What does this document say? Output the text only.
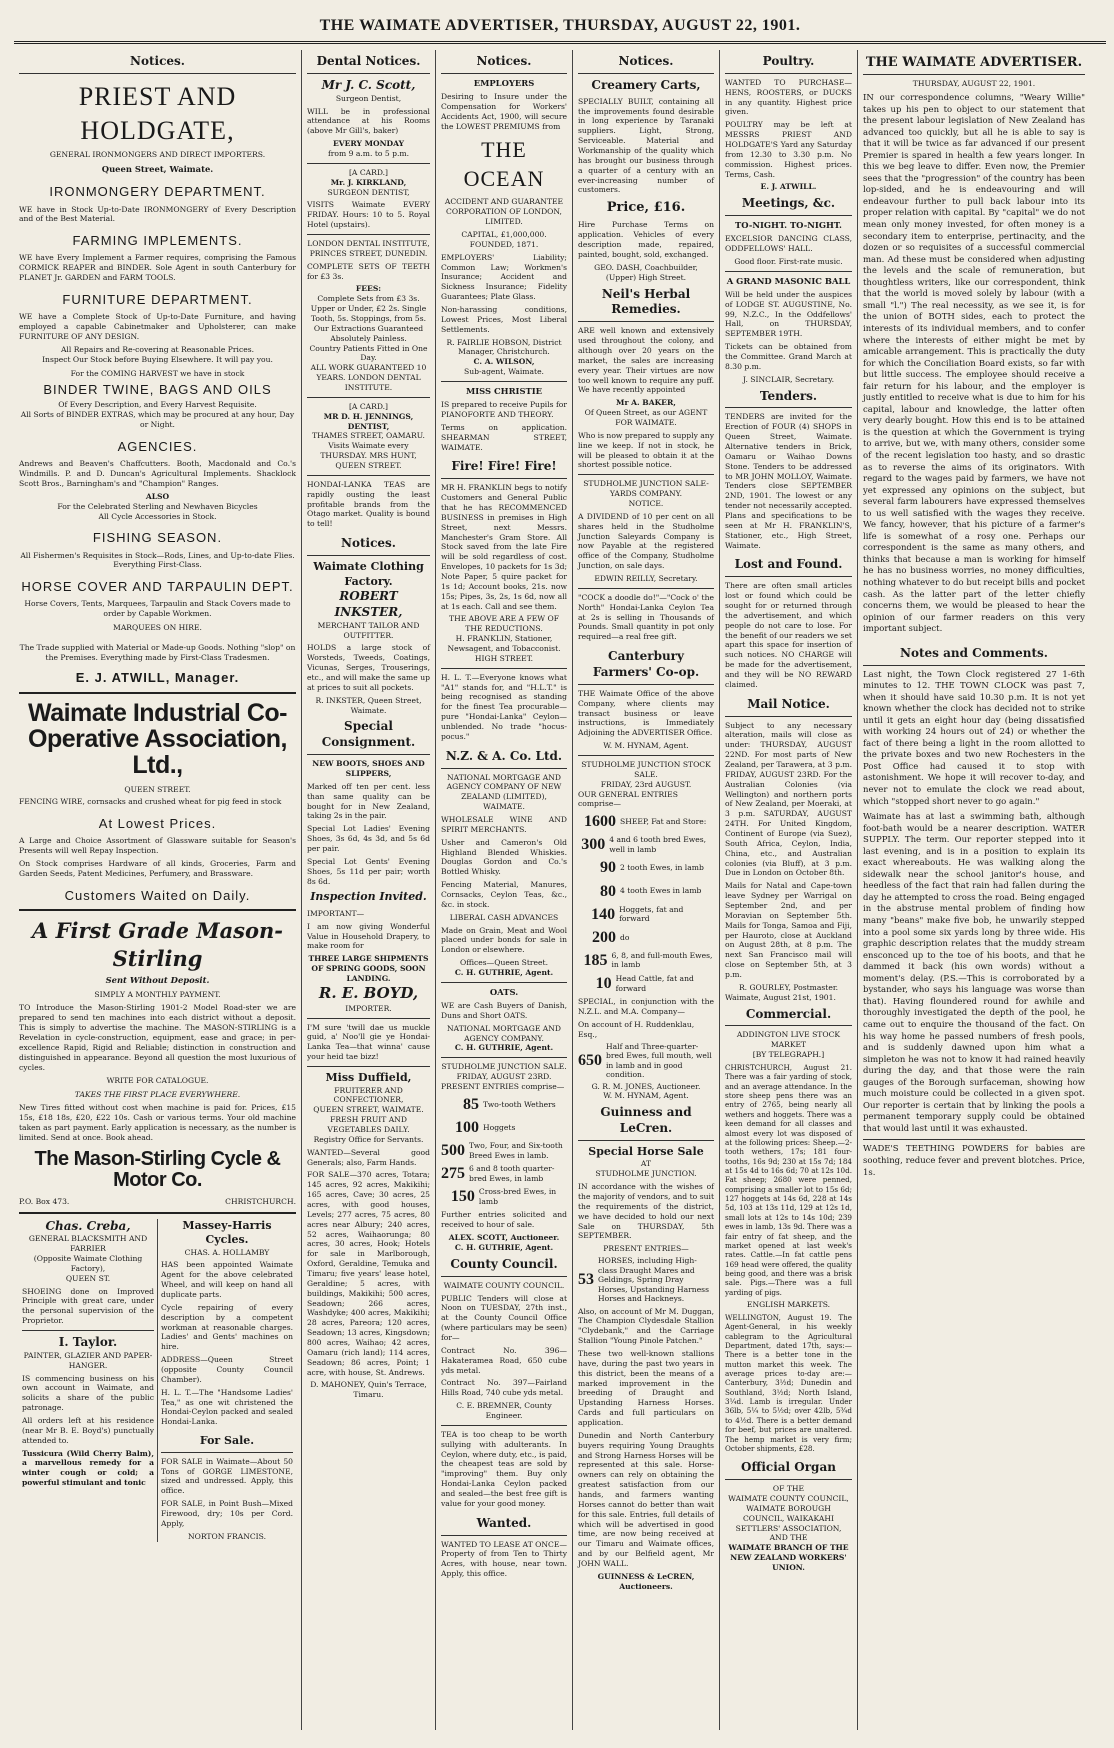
THE WAIMATE ADVERTISER, THURSDAY, AUGUST 22, 1901.
Notices.
PRIEST AND HOLDGATE,
GENERAL IRONMONGERS AND DIRECT IMPORTERS.
Queen Street, Waimate.
IRONMONGERY DEPARTMENT.
WE have in Stock Up-to-Date IRONMONGERY of Every Description and of the Best Material.
FARMING IMPLEMENTS.
WE have Every Implement a Farmer requires, comprising the Famous CORMICK REAPER and BINDER. Sole Agent in south Canterbury for PLANET Jr. GARDEN and FARM TOOLS.
FURNITURE DEPARTMENT.
WE have a Complete Stock of Up-to-Date Furniture, and having employed a capable Cabinetmaker and Upholsterer, can make FURNITURE OF ANY DESIGN.
All Repairs and Re-covering at Reasonable Prices.
Inspect Our Stock before Buying Elsewhere. It will pay you.
For the COMING HARVEST we have in stock
BINDER TWINE, BAGS AND OILS
Of Every Description, and Every Harvest Requisite.
All Sorts of BINDER EXTRAS, which may be procured at any hour, Day or Night.
AGENCIES.
Andrews and Beaven's Chaffcutters. Booth, Macdonald and Co.'s Windmills. P. and D. Duncan's Agricultural Implements. Shacklock Scott Bros., Barningham's and "Champion" Ranges.
ALSO
For the Celebrated Sterling and Newhaven Bicycles
All Cycle Accessories in Stock.
FISHING SEASON.
All Fishermen's Requisites in Stock—Rods, Lines, and Up-to-date Flies. Everything First-Class.
HORSE COVER AND TARPAULIN DEPT.
Horse Covers, Tents, Marquees, Tarpaulin and Stack Covers made to order by Capable Workmen.
MARQUEES ON HIRE.
The Trade supplied with Material or Made-up Goods. Nothing "slop" on the Premises. Everything made by First-Class Tradesmen.
E. J. ATWILL, Manager.
Waimate Industrial Co-Operative Association, Ltd.,
QUEEN STREET.
FENCING WIRE, cornsacks and crushed wheat for pig feed in stock
At Lowest Prices.
A Large and Choice Assortment of Glassware suitable for Season's Presents will well Repay Inspection.
On Stock comprises Hardware of all kinds, Groceries, Farm and Garden Seeds, Patent Medicines, Perfumery, and Brassware.
Customers Waited on Daily.
A First Grade Mason-Stirling
Sent Without Deposit.
SIMPLY A MONTHLY PAYMENT.
TO Introduce the Mason-Stirling 1901-2 Model Road-ster we are prepared to send ten machines into each district without a deposit. This is simply to advertise the machine. The MASON-STIRLING is a Revelation in cycle-construction, equipment, ease and grace; in per-excellence Rapid, Rigid and Reliable; distinction in construction and distinguished in appearance. Beyond all question the most luxurious of cycles.
WRITE FOR CATALOGUE.
TAKES THE FIRST PLACE EVERYWHERE.
New Tires fitted without cost when machine is paid for. Prices, £15 15s, £18 18s, £20, £22 10s. Cash or various terms. Your old machine taken as part payment. Early application is necessary, as the number is limited. Send at once. Book ahead.
The Mason-Stirling Cycle & Motor Co.
P.O. Box 473.	CHRISTCHURCH.
Chas. Creba,
GENERAL BLACKSMITH AND FARRIER
(Opposite Waimate Clothing Factory),
QUEEN ST.
SHOEING done on Improved Principle with great care, under the personal supervision of the Proprietor.
I. Taylor.
PAINTER, GLAZIER AND PAPER-HANGER.
IS commencing business on his own account in Waimate, and solicits a share of the public patronage.
All orders left at his residence (near Mr B. E. Boyd's) punctually attended to.
Tussicura (Wild Cherry Balm), a marvellous remedy for a winter cough or cold; a powerful stimulant and tonic
Massey-Harris Cycles.
CHAS. A. HOLLAMBY
HAS been appointed Waimate Agent for the above celebrated Wheel, and will keep on hand all duplicate parts.
Cycle repairing of every description by a competent workman at reasonable charges. Ladies' and Gents' machines on hire.
ADDRESS—Queen Street (opposite County Council Chamber).
H. L. T.—The "Handsome Ladies' Tea," as one wit christened the Hondai-Ceylon packed and sealed Hondai-Lanka.
For Sale.
FOR SALE in Waimate—About 50 Tons of GORGE LIMESTONE, sized and undressed. Apply, this office.
FOR SALE, in Point Bush—Mixed Firewood, dry; 10s per Cord. Apply,
NORTON FRANCIS.
Dental Notices.
Mr J. C. Scott,
Surgeon Dentist,
WILL be in professional attendance at his Rooms (above Mr Gill's, baker)
EVERY MONDAY
from 9 a.m. to 5 p.m.
[A CARD.]
Mr. J. KIRKLAND,
SURGEON DENTIST,
VISITS Waimate EVERY FRIDAY. Hours: 10 to 5. Royal Hotel (upstairs).
LONDON DENTAL INSTITUTE,
PRINCES STREET, DUNEDIN.
COMPLETE SETS OF TEETH for £3 3s.
FEES:
Complete Sets from £3 3s. Upper or Under, £2 2s. Single Tooth, 5s. Stoppings, from 5s.
Our Extractions Guaranteed Absolutely Painless.
Country Patients Fitted in One Day.
ALL WORK GUARANTEED 10 YEARS. LONDON DENTAL INSTITUTE.
[A CARD.]
MR D. H. JENNINGS, DENTIST,
THAMES STREET, OAMARU. Visits Waimate every THURSDAY. MRS HUNT, QUEEN STREET.
HONDAI-LANKA TEAS are rapidly ousting the least profitable brands from the Otago market. Quality is bound to tell!
Notices.
Waimate Clothing Factory.
ROBERT INKSTER,
MERCHANT TAILOR AND OUTFITTER.
HOLDS a large stock of Worsteds, Tweeds, Coatings, Vicunas, Serges, Trouserings, etc., and will make the same up at prices to suit all pockets.
R. INKSTER, Queen Street, Waimate.
Special Consignment.
NEW BOOTS, SHOES AND SLIPPERS,
Marked off ten per cent. less than same quality can be bought for in New Zealand, taking 2s in the pair.
Special Lot Ladies' Evening Shoes, 3s 6d, 4s 3d, and 5s 6d per pair.
Special Lot Gents' Evening Shoes, 5s 11d per pair; worth 8s 6d.
Inspection Invited.
IMPORTANT—
I am now giving Wonderful Value in Household Drapery, to make room for
THREE LARGE SHIPMENTS OF SPRING GOODS, SOON LANDING.
R. E. BOYD,
IMPORTER.
I'M sure 'twill dae us muckle guid, a' Noo'll gie ye Hondai-Lanka Tea—that winna' cause your heid tae bizz!
Miss Duffield,
FRUITERER AND CONFECTIONER,
QUEEN STREET, WAIMATE.
FRESH FRUIT AND VEGETABLES DAILY.
Registry Office for Servants.
WANTED—Several good Generals; also, Farm Hands.
FOR SALE—370 acres, Totara; 145 acres, 92 acres, Makikihi; 165 acres, Cave; 30 acres, 25 acres, with good houses, Levels; 277 acres, 75 acres, 80 acres near Albury; 240 acres, 52 acres, Waihaorunga; 80 acres, 30 acres, Hook; Hotels for sale in Marlborough, Oxford, Geraldine, Temuka and Timaru; five years' lease hotel, Geraldine; 5 acres, with buildings, Makikihi; 500 acres, Seadown; 266 acres, Washdyke; 400 acres, Makikihi; 28 acres, Pareora; 120 acres, Seadown; 13 acres, Kingsdown; 800 acres, Waihao; 42 acres, Oamaru (rich land); 114 acres, Seadown; 86 acres, Point; 1 acre, with house, St. Andrews.
D. MAHONEY, Quin's Terrace, Timaru.
Notices.
EMPLOYERS
Desiring to Insure under the Compensation for Workers' Accidents Act, 1900, will secure the LOWEST PREMIUMS from
THE OCEAN
ACCIDENT AND GUARANTEE CORPORATION OF LONDON, LIMITED.
CAPITAL, £1,000,000. FOUNDED, 1871.
EMPLOYERS' Liability; Common Law; Workmen's Insurance; Accident and Sickness Insurance; Fidelity Guarantees; Plate Glass.
Non-harassing conditions, Lowest Prices, Most Liberal Settlements.
R. FAIRLIE HOBSON, District Manager, Christchurch.
C. A. WILSON,
Sub-agent, Waimate.
MISS CHRISTIE
IS prepared to receive Pupils for PIANOFORTE AND THEORY.
Terms on application. SHEARMAN STREET, WAIMATE.
Fire! Fire! Fire!
MR H. FRANKLIN begs to notify Customers and General Public that he has RECOMMENCED BUSINESS in premises in High Street, next Messrs. Manchester's Gram Store. All Stock saved from the late Fire will be sold regardless of cost. Envelopes, 10 packets for 1s 3d; Note Paper, 5 quire packet for 1s 1d; Account books, 21s. now 15s; Pipes, 3s, 2s, 1s 6d, now all at 1s each. Call and see them.
THE ABOVE ARE A FEW OF THE REDUCTIONS.
H. FRANKLIN, Stationer, Newsagent, and Tobacconist. HIGH STREET.
H. L. T.—Everyone knows what "A1" stands for, and "H.L.T." is being recognised as standing for the finest Tea procurable—pure "Hondai-Lanka" Ceylon—unblended. No trade "hocus-pocus."
N.Z. & A. Co. Ltd.
NATIONAL MORTGAGE AND AGENCY COMPANY OF NEW ZEALAND (LIMITED), WAIMATE.
WHOLESALE WINE AND SPIRIT MERCHANTS.
Usher and Cameron's Old Highland Blended Whiskies. Douglas Gordon and Co.'s Bottled Whisky.
Fencing Material, Manures, Cornsacks, Ceylon Teas, &c., &c. in stock.
LIBERAL CASH ADVANCES
Made on Grain, Meat and Wool placed under bonds for sale in London or elsewhere.
Offices—Queen Street.
C. H. GUTHRIE, Agent.
OATS.
WE are Cash Buyers of Danish, Duns and Short OATS.
NATIONAL MORTGAGE AND AGENCY COMPANY.
C. H. GUTHRIE, Agent.
STUDHOLME JUNCTION SALE.
FRIDAY, AUGUST 23RD.
PRESENT ENTRIES comprise—
85 Two-tooth Wethers
100 Hoggets
500 Two, Four, and Six-tooth Breed Ewes in lamb.
275 6 and 8 tooth quarter-bred Ewes, in lamb
150 Cross-bred Ewes, in lamb
Further entries solicited and received to hour of sale.
ALEX. SCOTT, Auctioneer.
C. H. GUTHRIE, Agent.
County Council.
WAIMATE COUNTY COUNCIL.
PUBLIC Tenders will close at Noon on TUESDAY, 27th inst., at the County Council Office (where particulars may be seen) for—
Contract No. 396—Hakateramea Road, 650 cube yds metal.
Contract No. 397—Fairland Hills Road, 740 cube yds metal.
C. E. BREMNER, County Engineer.
TEA is too cheap to be worth sullying with adulterants. In Ceylon, where duty, etc., is paid, the cheapest teas are sold by "improving" them. Buy only Hondai-Lanka Ceylon packed and sealed—the best free gift is value for your good money.
Wanted.
WANTED TO LEASE AT ONCE—Property of from Ten to Thirty Acres, with house, near town. Apply, this office.
Notices.
Creamery Carts,
SPECIALLY BUILT, containing all the improvements found desirable in long experience by Taranaki suppliers. Light, Strong, Serviceable. Material and Workmanship of the quality which has brought our business through a quarter of a century with an ever-increasing number of customers.
Price, £16.
Hire Purchase Terms on application. Vehicles of every description made, repaired, painted, bought, sold, exchanged.
GEO. DASH, Coachbuilder, (Upper) High Street.
Neil's Herbal Remedies.
ARE well known and extensively used throughout the colony, and although over 20 years on the market, the sales are increasing every year. Their virtues are now too well known to require any puff. We have recently appointed
Mr A. BAKER,
Of Queen Street, as our AGENT FOR WAIMATE.
Who is now prepared to supply any line we keep. If not in stock, he will be pleased to obtain it at the shortest possible notice.
STUDHOLME JUNCTION SALE-YARDS COMPANY.
NOTICE.
A DIVIDEND of 10 per cent on all shares held in the Studholme Junction Saleyards Company is now Payable at the registered office of the Company, Studholme Junction, on sale days.
EDWIN REILLY, Secretary.
"COCK a doodle do!"—"Cock o' the North" Hondai-Lanka Ceylon Tea at 2s is selling in Thousands of Pounds. Small quantity in pot only required—a real free gift.
Canterbury Farmers' Co-op.
THE Waimate Office of the above Company, where clients may transact business or leave instructions, is Immediately Adjoining the ADVERTISER Office.
W. M. HYNAM, Agent.
STUDHOLME JUNCTION STOCK SALE.
FRIDAY, 23rd AUGUST.
OUR GENERAL ENTRIES comprise—
1600 SHEEP, Fat and Store:
300 4 and 6 tooth bred Ewes, well in lamb
90 2 tooth Ewes, in lamb
80 4 tooth Ewes in lamb
140 Hoggets, fat and forward
200 do
185 6, 8, and full-mouth Ewes, in lamb
10 Head Cattle, fat and forward
SPECIAL, in conjunction with the N.Z.L. and M.A. Company—
On account of H. Ruddenklau, Esq.,
650
Half and Three-quarter-bred Ewes, full mouth, well in lamb and in good condition.
G. R. M. JONES, Auctioneer.
W. M. HYNAM, Agent.
Guinness and LeCren.
Special Horse Sale
AT
STUDHOLME JUNCTION.
IN accordance with the wishes of the majority of vendors, and to suit the requirements of the district, we have decided to hold our next Sale on THURSDAY, 5th SEPTEMBER.
PRESENT ENTRIES—
53
HORSES, including High-class Draught Mares and Geldings, Spring Dray Horses, Upstanding Harness Horses and Hackneys.
Also, on account of Mr M. Duggan, The Champion Clydesdale Stallion "Clydebank," and the Carriage Stallion "Young Pinole Patchen."
These two well-known stallions have, during the past two years in this district, been the means of a marked improvement in the breeding of Draught and Upstanding Harness Horses. Cards and full particulars on application.
Dunedin and North Canterbury buyers requiring Young Draughts and Strong Harness Horses will be represented at this sale. Horse-owners can rely on obtaining the greatest satisfaction from our hands, and farmers wanting Horses cannot do better than wait for this sale. Entries, full details of which will be advertised in good time, are now being received at our Timaru and Waimate offices, and by our Belfield agent, Mr JOHN WALL.
GUINNESS & LeCREN, Auctioneers.
Poultry.
WANTED TO PURCHASE—HENS, ROOSTERS, or DUCKS in any quantity. Highest price given.
POULTRY may be left at MESSRS PRIEST AND HOLDGATE'S Yard any Saturday from 12.30 to 3.30 p.m. No commission. Highest prices. Terms, Cash.
E. J. ATWILL.
Meetings, &c.
TO-NIGHT. TO-NIGHT.
EXCELSIOR DANCING CLASS, ODDFELLOWS' HALL.
Good floor. First-rate music.
A GRAND MASONIC BALL
Will be held under the auspices of LODGE ST. AUGUSTINE, No. 99, N.Z.C., In the Oddfellows' Hall, on THURSDAY, SEPTEMBER 19TH.
Tickets can be obtained from the Committee. Grand March at 8.30 p.m.
J. SINCLAIR, Secretary.
Tenders.
TENDERS are invited for the Erection of FOUR (4) SHOPS in Queen Street, Waimate. Alternative tenders in Brick, Oamaru or Waihao Downs Stone. Tenders to be addressed to MR JOHN MOLLOY, Waimate. Tenders close SEPTEMBER 2ND, 1901. The lowest or any tender not necessarily accepted. Plans and specifications to be seen at Mr H. FRANKLIN'S, Stationer, etc., High Street, Waimate.
Lost and Found.
There are often small articles lost or found which could be sought for or returned through the advertisement, and which people do not care to lose. For the benefit of our readers we set apart this space for insertion of such notices. NO CHARGE will be made for the advertisement, and they will be NO REWARD claimed.
Mail Notice.
Subject to any necessary alteration, mails will close as under: THURSDAY, AUGUST 22ND. For most parts of New Zealand, per Tarawera, at 3 p.m. FRIDAY, AUGUST 23RD. For the Australian Colonies (via Wellington) and northern ports of New Zealand, per Moeraki, at 3 p.m. SATURDAY, AUGUST 24TH. For United Kingdom, Continent of Europe (via Suez), South Africa, Ceylon, India, China, etc., and Australian colonies (via Bluff), at 3 p.m. Due in London on October 8th.
Mails for Natal and Cape-town leave Sydney per Warrigal on September 2nd, and per Moravian on September 5th. Mails for Tonga, Samoa and Fiji, per Hauroto, close at Auckland on August 28th, at 8 p.m. The next San Francisco mail will close on September 5th, at 3 p.m.
R. GOURLEY, Postmaster.
Waimate, August 21st, 1901.
Commercial.
ADDINGTON LIVE STOCK MARKET
[BY TELEGRAPH.]
CHRISTCHURCH, August 21. There was a fair yarding of stock, and an average attendance. In the store sheep pens there was an entry of 2765, being nearly all wethers and hoggets. There was a keen demand for all classes and almost every lot was disposed of at the following prices: Sheep.—2-tooth wethers, 17s; 181 four-tooths, 16s 9d; 230 at 15s 7d; 184 at 15s 4d to 16s 6d; 70 at 12s 10d. Fat sheep; 2680 were penned, comprising a smaller lot to 15s 6d; 127 hoggets at 14s 6d, 228 at 14s 5d, 103 at 13s 11d, 129 at 12s 1d, small lots at 12s to 14s 10d; 239 ewes in lamb, 13s 9d. There was a fair entry of fat sheep, and the market opened at last week's rates. Cattle.—In fat cattle pens 169 head were offered, the quality being good, and there was a brisk sale. Pigs.—There was a full yarding of pigs.
ENGLISH MARKETS.
WELLINGTON, August 19. The Agent-General, in his weekly cablegram to the Agricultural Department, dated 17th, says:—There is a better tone in the mutton market this week. The average prices to-day are:—Canterbury, 3½d; Dunedin and Southland, 3½d; North Island, 3¼d. Lamb is irregular. Under 36lb, 5¼ to 5½d; over 42lb, 5¾d to 4½d. There is a better demand for beef, but prices are unaltered. The hemp market is very firm; October shipments, £28.
Official Organ
OF THE
WAIMATE COUNTY COUNCIL, WAIMATE BOROUGH COUNCIL, WAIKAKAHI SETTLERS' ASSOCIATION,
AND THE
WAIMATE BRANCH OF THE NEW ZEALAND WORKERS' UNION.
THE WAIMATE ADVERTISER.
THURSDAY, AUGUST 22, 1901.
IN our correspondence columns, "Weary Willie" takes up his pen to object to our statement that the present labour legislation of New Zealand has advanced too quickly, but all he is able to say is that it will be twice as far advanced if our present Premier is spared in health a few years longer. In this we beg leave to differ. Even now, the Premier sees that the "progression" of the country has been lop-sided, and he is endeavouring and will endeavour further to pull back labour into its proper relation with capital. By "capital" we do not mean only money invested, for often money is a secondary item to enterprise, pertinacity, and the dozen or so requisites of a successful commercial man. Ad these must be considered when adjusting the levels and the scale of remuneration, but thoughtless writers, like our correspondent, think that the world is moved solely by labour (with a small "l.") The real necessity, as we see it, is for the union of BOTH sides, each to protect the interests of its individual members, and to confer where the interests of either might be met by amicable arrangement. This is practically the duty for which the Conciliation Board exists, so far with but little success. The employee should receive a fair return for his labour, and the employer is justly entitled to receive what is due to him for his capital, labour and knowledge, the latter often very dearly bought. How this end is to be attained is the question at which the Government is trying to arrive, but we, with many others, consider some of the recent legislation too hasty, and so drastic as to reverse the aims of its originators. With regard to the wages paid by farmers, we have not yet expressed any opinions on the subject, but several farm labourers have expressed themselves to us well satisfied with the wages they receive. We fancy, however, that his picture of a farmer's life is somewhat of a rosy one. Perhaps our correspondent is the same as many others, and thinks that because a man is working for himself he has no business worries, no money difficulties, nothing whatever to do but receipt bills and pocket cash. As the latter part of the letter chiefly concerns them, we would be pleased to hear the opinion of our farmer readers on this very important subject.
Notes and Comments.
Last night, the Town Clock registered 27 1-6th minutes to 12. THE TOWN CLOCK was past 7, when it should have said 10.30 p.m. It is not yet known whether the clock has decided not to strike until it gets an eight hour day (being dissatisfied with working 24 hours out of 24) or whether the fact of there being a light in the room allotted to the private boxes and two new Rochesters in the Post Office had caused it to stop with astonishment. We hope it will recover to-day, and never not to emulate the clock we read about, which "stopped short never to go again."
Waimate has at last a swimming bath, although foot-bath would be a nearer description. WATER SUPPLY. The term. Our reporter stepped into it last evening, and is in a position to explain its exact whereabouts. He was walking along the sidewalk near the school janitor's house, and heedless of the fact that rain had fallen during the day he attempted to cross the road. Being engaged in the abstruse mental problem of finding how many "beans" make five bob, he unwarily stepped into a pool some six yards long by three wide. His graphic description relates that the muddy stream ensconced up to the toe of his boots, and that he dammed it back (his own words) without a moment's delay. (P.S.—This is corroborated by a bystander, who says his language was worse than that). Having floundered round for awhile and thoroughly investigated the depth of the pool, he came out to enquire the thousand of the fact. On his way home he passed numbers of fresh pools, and is suddenly dawned upon him what a simpleton he was not to know it had rained heavily during the day, and that those were the rain gauges of the Borough surfaceman, showing how much moisture could be collected in a given spot. Our reporter is certain that by linking the pools a permanent temporary supply could be obtained that would last until it was exhausted.
WADE'S TEETHING POWDERS for babies are soothing, reduce fever and prevent blotches. Price, 1s.
